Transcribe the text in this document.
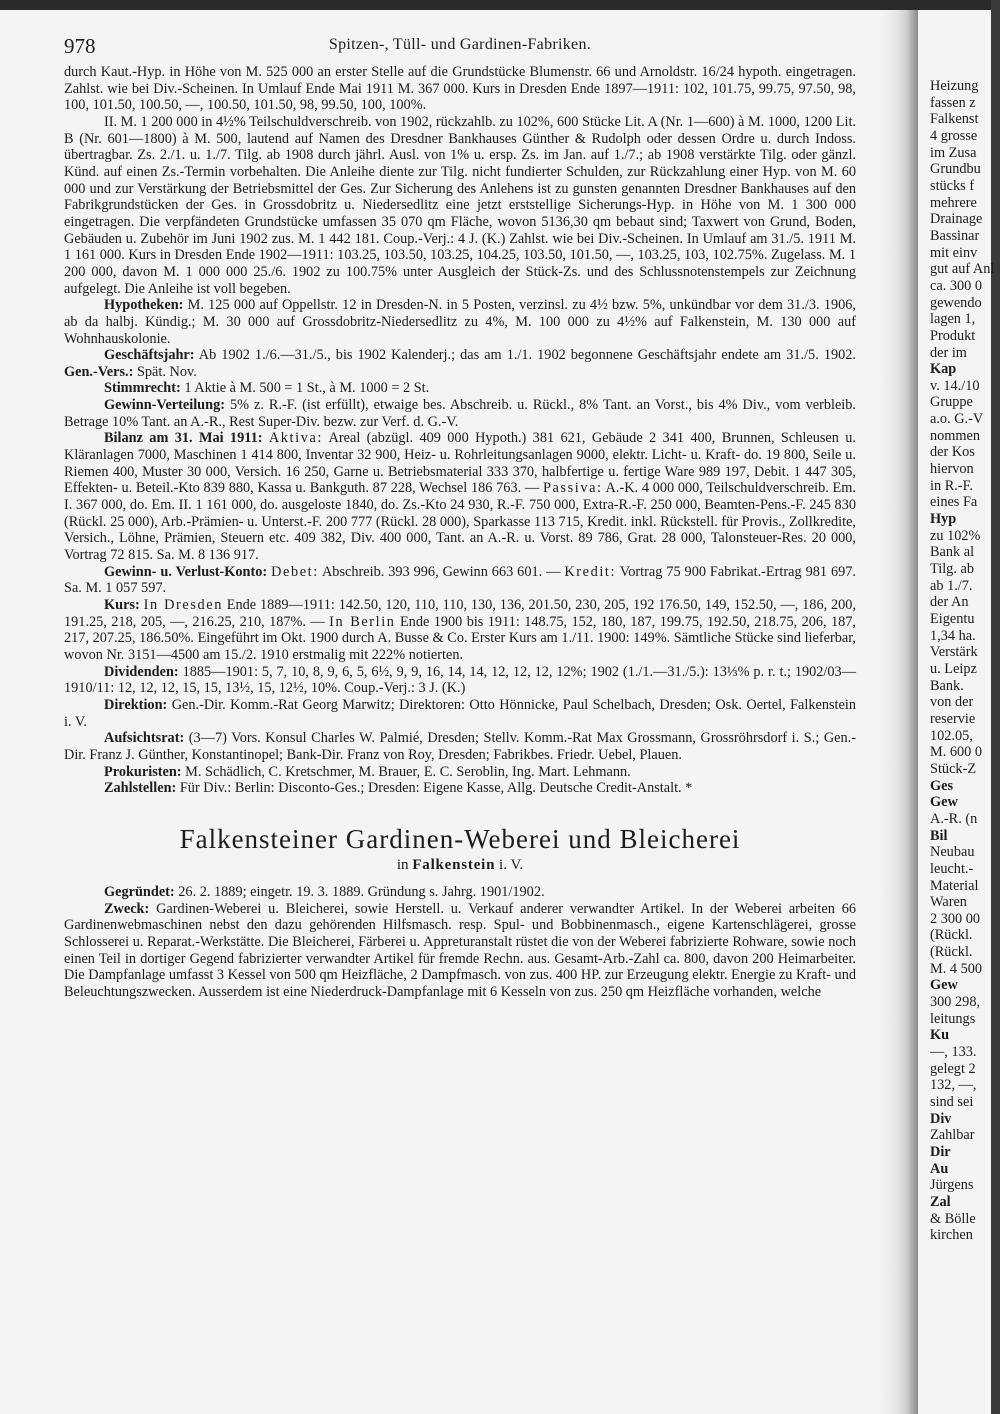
978	Spitzen-, Tüll- und Gardinen-Fabriken.

durch Kaut.-Hyp. in Höhe von M. 525 000 an erster Stelle auf die Grundstücke Blumenstr. 66 und Arnoldstr. 16/24 hypoth. eingetragen. Zahlst. wie bei Div.-Scheinen. In Umlauf Ende Mai 1911 M. 367 000. Kurs in Dresden Ende 1897—1911: 102, 101.75, 99.75, 97.50, 98, 100, 101.50, 100.50, —, 100.50, 101.50, 98, 99.50, 100, 100%.

II. M. 1 200 000 in 4½% Teilschuldverschreib. von 1902, rückzahlb. zu 102%, 600 Stücke Lit. A (Nr. 1—600) à M. 1000, 1200 Lit. B (Nr. 601—1800) à M. 500, lautend auf Namen des Dresdner Bankhauses Günther & Rudolph oder dessen Ordre u. durch Indoss. übertragbar. Zs. 2./1. u. 1./7. Tilg. ab 1908 durch jährl. Ausl. von 1% u. ersp. Zs. im Jan. auf 1./7.; ab 1908 verstärkte Tilg. oder gänzl. Künd. auf einen Zs.-Termin vorbehalten. Die Anleihe diente zur Tilg. nicht fundierter Schulden, zur Rückzahlung einer Hyp. von M. 60 000 und zur Verstärkung der Betriebsmittel der Ges. Zur Sicherung des Anlehens ist zu gunsten genannten Dresdner Bankhauses auf den Fabrikgrundstücken der Ges. in Grossdobritz u. Niedersedlitz eine jetzt erststellige Sicherungs-Hyp. in Höhe von M. 1 300 000 eingetragen. Die verpfändeten Grundstücke umfassen 35 070 qm Fläche, wovon 5136,30 qm bebaut sind; Taxwert von Grund, Boden, Gebäuden u. Zubehör im Juni 1902 zus. M. 1 442 181. Coup.-Verj.: 4 J. (K.) Zahlst. wie bei Div.-Scheinen. In Umlauf am 31./5. 1911 M. 1 161 000. Kurs in Dresden Ende 1902—1911: 103.25, 103.50, 103.25, 104.25, 103.50, 101.50, —, 103.25, 103, 102.75%. Zugelass. M. 1 200 000, davon M. 1 000 000 25./6. 1902 zu 100.75% unter Ausgleich der Stück-Zs. und des Schlussnotenstempels zur Zeichnung aufgelegt. Die Anleihe ist voll begeben.

Hypotheken: M. 125 000 auf Oppellstr. 12 in Dresden-N. in 5 Posten, verzinsl. zu 4½ bzw. 5%, unkündbar vor dem 31./3. 1906, ab da halbj. Kündig.; M. 30 000 auf Grossdobritz-Niedersedlitz zu 4%, M. 100 000 zu 4½% auf Falkenstein, M. 130 000 auf Wohnhauskolonie.

Geschäftsjahr: Ab 1902 1./6.—31./5., bis 1902 Kalenderj.; das am 1./1. 1902 begonnene Geschäftsjahr endete am 31./5. 1902. Gen.-Vers.: Spät. Nov.

Stimmrecht: 1 Aktie à M. 500 = 1 St., à M. 1000 = 2 St.

Gewinn-Verteilung: 5% z. R.-F. (ist erfüllt), etwaige bes. Abschreib. u. Rückl., 8% Tant. an Vorst., bis 4% Div., vom verbleib. Betrage 10% Tant. an A.-R., Rest Super-Div. bezw. zur Verf. d. G.-V.

Bilanz am 31. Mai 1911: Aktiva: Areal (abzügl. 409 000 Hypoth.) 381 621, Gebäude 2 341 400, Brunnen, Schleusen u. Kläranlagen 7000, Maschinen 1 414 800, Inventar 32 900, Heiz- u. Rohrleitungsanlagen 9000, elektr. Licht- u. Kraft- do. 19 800, Seile u. Riemen 400, Muster 30 000, Versich. 16 250, Garne u. Betriebsmaterial 333 370, halbfertige u. fertige Ware 989 197, Debit. 1 447 305, Effekten- u. Beteil.-Kto 839 880, Kassa u. Bankguth. 87 228, Wechsel 186 763. — Passiva: A.-K. 4 000 000, Teilschuldverschreib. Em. I. 367 000, do. Em. II. 1 161 000, do. ausgeloste 1840, do. Zs.-Kto 24 930, R.-F. 750 000, Extra-R.-F. 250 000, Beamten-Pens.-F. 245 830 (Rückl. 25 000), Arb.-Prämien- u. Unterst.-F. 200 777 (Rückl. 28 000), Sparkasse 113 715, Kredit. inkl. Rückstell. für Provis., Zollkredite, Versich., Löhne, Prämien, Steuern etc. 409 382, Div. 400 000, Tant. an A.-R. u. Vorst. 89 786, Grat. 28 000, Talonsteuer-Res. 20 000, Vortrag 72 815. Sa. M. 8 136 917.

Gewinn- u. Verlust-Konto: Debet: Abschreib. 393 996, Gewinn 663 601. — Kredit: Vortrag 75 900 Fabrikat.-Ertrag 981 697. Sa. M. 1 057 597.

Kurs: In Dresden Ende 1889—1911: 142.50, 120, 110, 110, 130, 136, 201.50, 230, 205, 192 176.50, 149, 152.50, —, 186, 200, 191.25, 218, 205, —, 216.25, 210, 187%. — In Berlin Ende 1900 bis 1911: 148.75, 152, 180, 187, 199.75, 192.50, 218.75, 206, 187, 217, 207.25, 186.50%. Eingeführt im Okt. 1900 durch A. Busse & Co. Erster Kurs am 1./11. 1900: 149%. Sämtliche Stücke sind lieferbar, wovon Nr. 3151—4500 am 15./2. 1910 erstmalig mit 222% notierten.

Dividenden: 1885—1901: 5, 7, 10, 8, 9, 6, 5, 6½, 9, 9, 16, 14, 14, 12, 12, 12, 12%; 1902 (1./1.—31./5.): 13⅓% p. r. t.; 1902/03—1910/11: 12, 12, 12, 15, 15, 13½, 15, 12½, 10%. Coup.-Verj.: 3 J. (K.)

Direktion: Gen.-Dir. Komm.-Rat Georg Marwitz; Direktoren: Otto Hönnicke, Paul Schelbach, Dresden; Osk. Oertel, Falkenstein i. V.

Aufsichtsrat: (3—7) Vors. Konsul Charles W. Palmié, Dresden; Stellv. Komm.-Rat Max Grossmann, Grossröhrsdorf i. S.; Gen.-Dir. Franz J. Günther, Konstantinopel; Bank-Dir. Franz von Roy, Dresden; Fabrikbes. Friedr. Uebel, Plauen.

Prokuristen: M. Schädlich, C. Kretschmer, M. Brauer, E. C. Seroblin, Ing. Mart. Lehmann.

Zahlstellen: Für Div.: Berlin: Disconto-Ges.; Dresden: Eigene Kasse, Allg. Deutsche Credit-Anstalt. *

Falkensteiner Gardinen-Weberei und Bleicherei
in Falkenstein i. V.

Gegründet: 26. 2. 1889; eingetr. 19. 3. 1889. Gründung s. Jahrg. 1901/1902.

Zweck: Gardinen-Weberei u. Bleicherei, sowie Herstell. u. Verkauf anderer verwandter Artikel. In der Weberei arbeiten 66 Gardinenwebmaschinen nebst den dazu gehörenden Hilfsmasch. resp. Spul- und Bobbinenmasch., eigene Kartenschlägerei, grosse Schlosserei u. Reparat.-Werkstätte. Die Bleicherei, Färberei u. Appreturanstalt rüstet die von der Weberei fabrizierte Rohware, sowie noch einen Teil in dortiger Gegend fabrizierter verwandter Artikel für fremde Rechn. aus. Gesamt-Arb.-Zahl ca. 800, davon 200 Heimarbeiter. Die Dampfanlage umfasst 3 Kessel von 500 qm Heizfläche, 2 Dampfmasch. von zus. 400 HP. zur Erzeugung elektr. Energie zu Kraft- und Beleuchtungszwecken. Ausserdem ist eine Niederdruck-Dampfanlage mit 6 Kesseln von zus. 250 qm Heizfläche vorhanden, welche

Heizung
fassen z
Falkenst
4 grosse
im Zusa
Grundbu
stücks f
mehrere
Drainage
Bassinar
mit einv
gut auf Anl
ca. 300 0
gewendo
lagen 1,
Produkt
der im
Kap
v. 14./10
Gruppe
a.o. G.-V
nommen
der Kos
hiervon
in R.-F.
eines Fa
Hyp
zu 102%
Bank al
Tilg. ab
ab 1./7.
der An
Eigentu
1,34 ha.
Verstärk
u. Leipz
Bank.
von der
reservie
102.05,
M. 600 0
Stück-Z
Ges
Gew
A.-R. (n
Bil
Neubau
leucht.-
Material
Waren
2 300 00
(Rückl.
(Rückl.
M. 4 500
Gew
300 298,
leitungs
Ku
—, 133.
gelegt 2
132, —,
sind sei
Div
Zahlbar
Dir
Au
Jürgens
Zal
& Bölle
kirchen
